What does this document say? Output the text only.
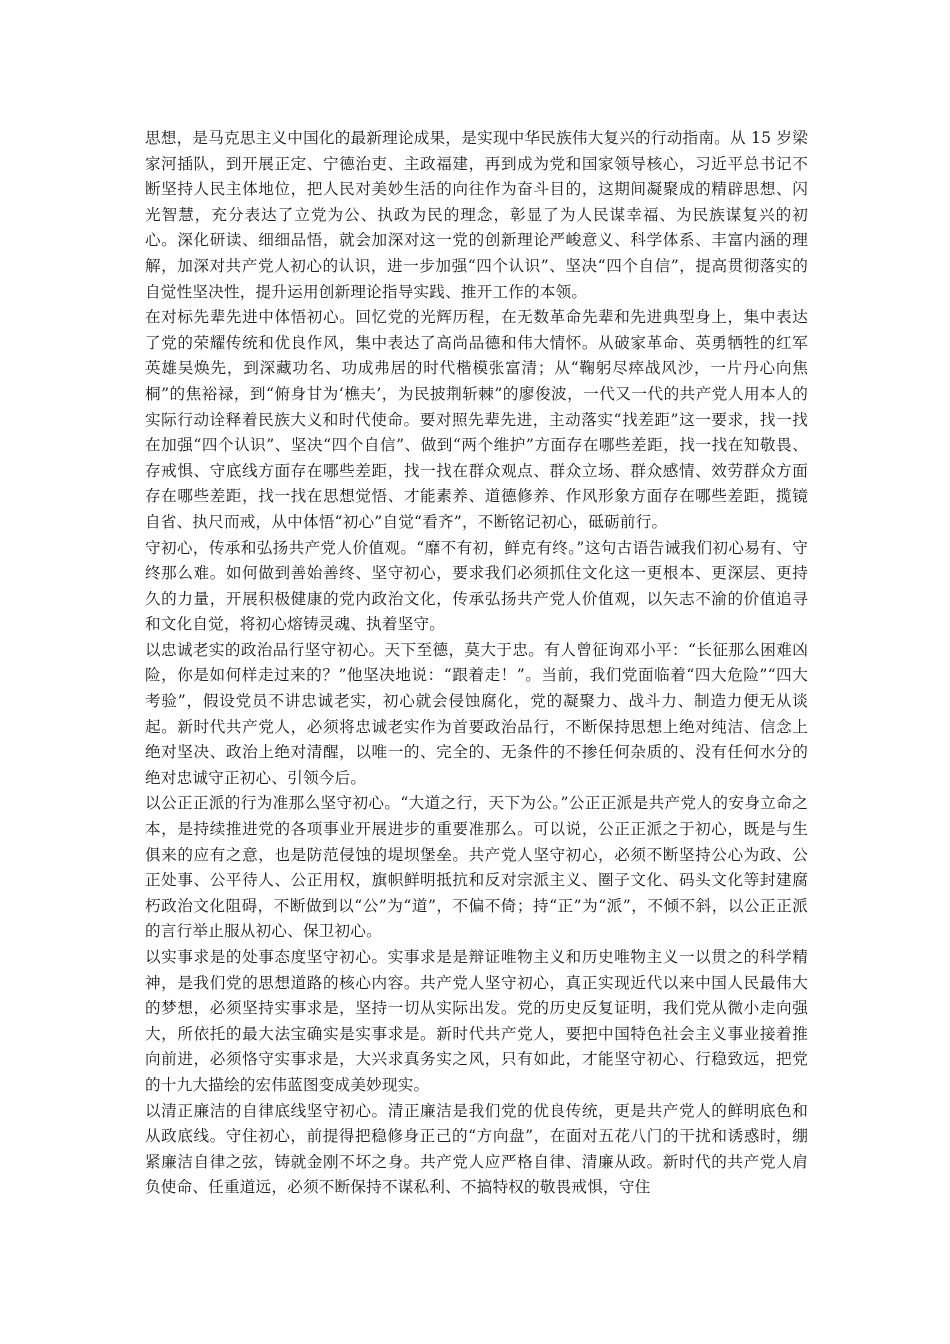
思想，是马克思主义中国化的最新理论成果，是实现中华民族伟大复兴的行动指南。从 15 岁梁家河插队，到开展正定、宁德治吏、主政福建，再到成为党和国家领导核心，习近平总书记不断坚持人民主体地位，把人民对美妙生活的向往作为奋斗目的，这期间凝聚成的精辟思想、闪光智慧，充分表达了立党为公、执政为民的理念，彰显了为人民谋幸福、为民族谋复兴的初心。深化研读、细细品悟，就会加深对这一党的创新理论严峻意义、科学体系、丰富内涵的理解，加深对共产党人初心的认识，进一步加强“四个认识”、坚决“四个自信”，提高贯彻落实的自觉性坚决性，提升运用创新理论指导实践、推开工作的本领。

在对标先辈先进中体悟初心。回忆党的光辉历程，在无数革命先辈和先进典型身上，集中表达了党的荣耀传统和优良作风，集中表达了高尚品德和伟大情怀。从破家革命、英勇牺牲的红军英雄吴焕先，到深藏功名、功成弗居的时代楷模张富清；从“鞠躬尽瘁战风沙，一片丹心向焦桐”的焦裕禄，到“俯身甘为‘樵夫’，为民披荆斩棘”的廖俊波，一代又一代的共产党人用本人的实际行动诠释着民族大义和时代使命。要对照先辈先进，主动落实“找差距”这一要求，找一找在加强“四个认识”、坚决“四个自信”、做到“两个维护”方面存在哪些差距，找一找在知敬畏、存戒惧、守底线方面存在哪些差距，找一找在群众观点、群众立场、群众感情、效劳群众方面存在哪些差距，找一找在思想觉悟、才能素养、道德修养、作风形象方面存在哪些差距，揽镜自省、执尺而戒，从中体悟“初心”自觉“看齐”，不断铭记初心，砥砺前行。

守初心，传承和弘扬共产党人价值观。“靡不有初，鲜克有终。”这句古语告诫我们初心易有、守终那么难。如何做到善始善终、坚守初心，要求我们必须抓住文化这一更根本、更深层、更持久的力量，开展积极健康的党内政治文化，传承弘扬共产党人价值观，以矢志不渝的价值追寻和文化自觉，将初心熔铸灵魂、执着坚守。

以忠诚老实的政治品行坚守初心。天下至德，莫大于忠。有人曾征询邓小平：“长征那么困难凶险，你是如何样走过来的？”他坚决地说：“跟着走！”。当前，我们党面临着“四大危险”“四大考验”，假设党员不讲忠诚老实，初心就会侵蚀腐化，党的凝聚力、战斗力、制造力便无从谈起。新时代共产党人，必须将忠诚老实作为首要政治品行，不断保持思想上绝对纯洁、信念上绝对坚决、政治上绝对清醒，以唯一的、完全的、无条件的不掺任何杂质的、没有任何水分的绝对忠诚守正初心、引领今后。

以公正正派的行为准那么坚守初心。“大道之行，天下为公。”公正正派是共产党人的安身立命之本，是持续推进党的各项事业开展进步的重要准那么。可以说，公正正派之于初心，既是与生俱来的应有之意，也是防范侵蚀的堤坝堡垒。共产党人坚守初心，必须不断坚持公心为政、公正处事、公平待人、公正用权，旗帜鲜明抵抗和反对宗派主义、圈子文化、码头文化等封建腐朽政治文化阻碍，不断做到以“公”为“道”，不偏不倚；持“正”为“派”，不倾不斜，以公正正派的言行举止服从初心、保卫初心。

以实事求是的处事态度坚守初心。实事求是是辩证唯物主义和历史唯物主义一以贯之的科学精神，是我们党的思想道路的核心内容。共产党人坚守初心，真正实现近代以来中国人民最伟大的梦想，必须坚持实事求是，坚持一切从实际出发。党的历史反复证明，我们党从微小走向强大，所依托的最大法宝确实是实事求是。新时代共产党人，要把中国特色社会主义事业接着推向前进，必须恪守实事求是，大兴求真务实之风，只有如此，才能坚守初心、行稳致远，把党的十九大描绘的宏伟蓝图变成美妙现实。

以清正廉洁的自律底线坚守初心。清正廉洁是我们党的优良传统，更是共产党人的鲜明底色和从政底线。守住初心，前提得把稳修身正己的“方向盘”，在面对五花八门的干扰和诱惑时，绷紧廉洁自律之弦，铸就金刚不坏之身。共产党人应严格自律、清廉从政。新时代的共产党人肩负使命、任重道远，必须不断保持不谋私利、不搞特权的敬畏戒惧，守住
